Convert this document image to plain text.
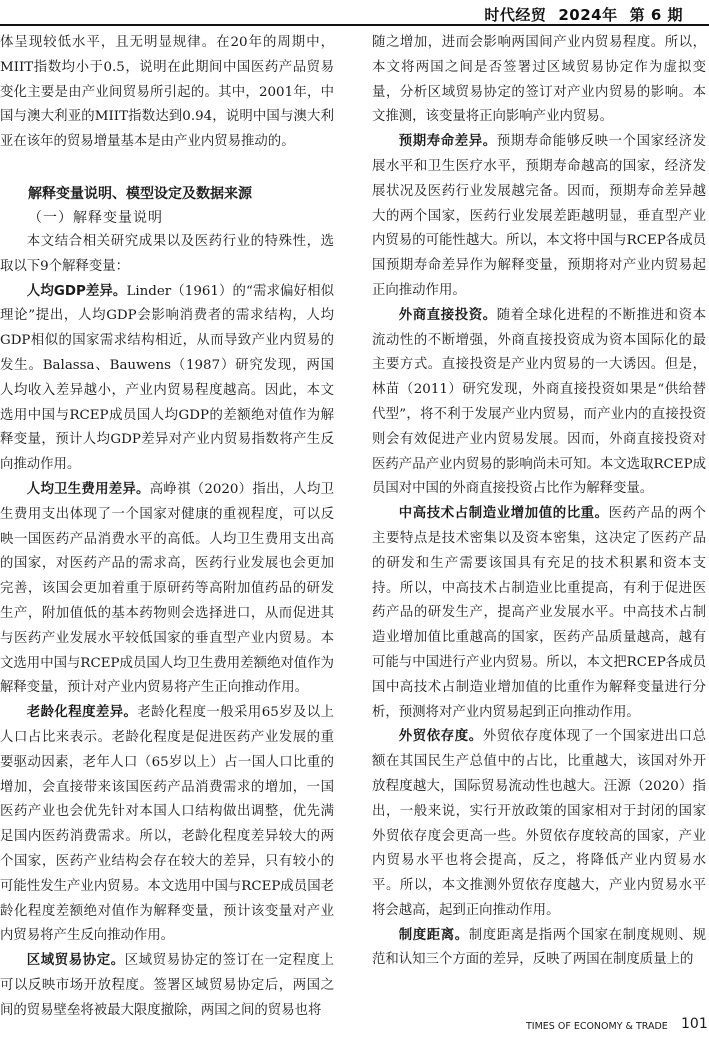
时代经贸 2024年 第 6 期

体呈现较低水平，且无明显规律。在20年的周期中，MIIT指数均小于0.5，说明在此期间中国医药产品贸易变化主要是由产业间贸易所引起的。其中，2001年，中国与澳大利亚的MIIT指数达到0.94，说明中国与澳大利亚在该年的贸易增量基本是由产业内贸易推动的。

解释变量说明、模型设定及数据来源
（一）解释变量说明

本文结合相关研究成果以及医药行业的特殊性，选取以下9个解释变量：

人均GDP差异。Linder（1961）的“需求偏好相似理论”提出，人均GDP会影响消费者的需求结构，人均GDP相似的国家需求结构相近，从而导致产业内贸易的发生。Balassa、Bauwens（1987）研究发现，两国人均收入差异越小，产业内贸易程度越高。因此，本文选用中国与RCEP成员国人均GDP的差额绝对值作为解释变量，预计人均GDP差异对产业内贸易指数将产生反向推动作用。

人均卫生费用差异。高峥祺（2020）指出，人均卫生费用支出体现了一个国家对健康的重视程度，可以反映一国医药产品消费水平的高低。人均卫生费用支出高的国家，对医药产品的需求高，医药行业发展也会更加完善，该国会更加着重于原研药等高附加值药品的研发生产，附加值低的基本药物则会选择进口，从而促进其与医药产业发展水平较低国家的垂直型产业内贸易。本文选用中国与RCEP成员国人均卫生费用差额绝对值作为解释变量，预计对产业内贸易将产生正向推动作用。

老龄化程度差异。老龄化程度一般采用65岁及以上人口占比来表示。老龄化程度是促进医药产业发展的重要驱动因素，老年人口（65岁以上）占一国人口比重的增加，会直接带来该国医药产品消费需求的增加，一国医药产业也会优先针对本国人口结构做出调整，优先满足国内医药消费需求。所以，老龄化程度差异较大的两个国家，医药产业结构会存在较大的差异，只有较小的可能性发生产业内贸易。本文选用中国与RCEP成员国老龄化程度差额绝对值作为解释变量，预计该变量对产业内贸易将产生反向推动作用。

区域贸易协定。区域贸易协定的签订在一定程度上可以反映市场开放程度。签署区域贸易协定后，两国之间的贸易壁垒将被最大限度撤除，两国之间的贸易也将

随之增加，进而会影响两国间产业内贸易程度。所以，本文将两国之间是否签署过区域贸易协定作为虚拟变量，分析区域贸易协定的签订对产业内贸易的影响。本文推测，该变量将正向影响产业内贸易。

预期寿命差异。预期寿命能够反映一个国家经济发展水平和卫生医疗水平，预期寿命越高的国家，经济发展状况及医药行业发展越完备。因而，预期寿命差异越大的两个国家，医药行业发展差距越明显，垂直型产业内贸易的可能性越大。所以，本文将中国与RCEP各成员国预期寿命差异作为解释变量，预期将对产业内贸易起正向推动作用。

外商直接投资。随着全球化进程的不断推进和资本流动性的不断增强，外商直接投资成为资本国际化的最主要方式。直接投资是产业内贸易的一大诱因。但是，林苗（2011）研究发现，外商直接投资如果是“供给替代型”，将不利于发展产业内贸易，而产业内的直接投资则会有效促进产业内贸易发展。因而，外商直接投资对医药产品产业内贸易的影响尚未可知。本文选取RCEP成员国对中国的外商直接投资占比作为解释变量。

中高技术占制造业增加值的比重。医药产品的两个主要特点是技术密集以及资本密集，这决定了医药产品的研发和生产需要该国具有充足的技术积累和资本支持。所以，中高技术占制造业比重提高，有利于促进医药产品的研发生产，提高产业发展水平。中高技术占制造业增加值比重越高的国家，医药产品质量越高，越有可能与中国进行产业内贸易。所以，本文把RCEP各成员国中高技术占制造业增加值的比重作为解释变量进行分析，预测将对产业内贸易起到正向推动作用。

外贸依存度。外贸依存度体现了一个国家进出口总额在其国民生产总值中的占比，比重越大，该国对外开放程度越大，国际贸易流动性也越大。汪源（2020）指出，一般来说，实行开放政策的国家相对于封闭的国家外贸依存度会更高一些。外贸依存度较高的国家，产业内贸易水平也将会提高，反之，将降低产业内贸易水平。所以，本文推测外贸依存度越大，产业内贸易水平将会越高，起到正向推动作用。

制度距离。制度距离是指两个国家在制度规则、规范和认知三个方面的差异，反映了两国在制度质量上的

TIMES OF ECONOMY & TRADE 101
